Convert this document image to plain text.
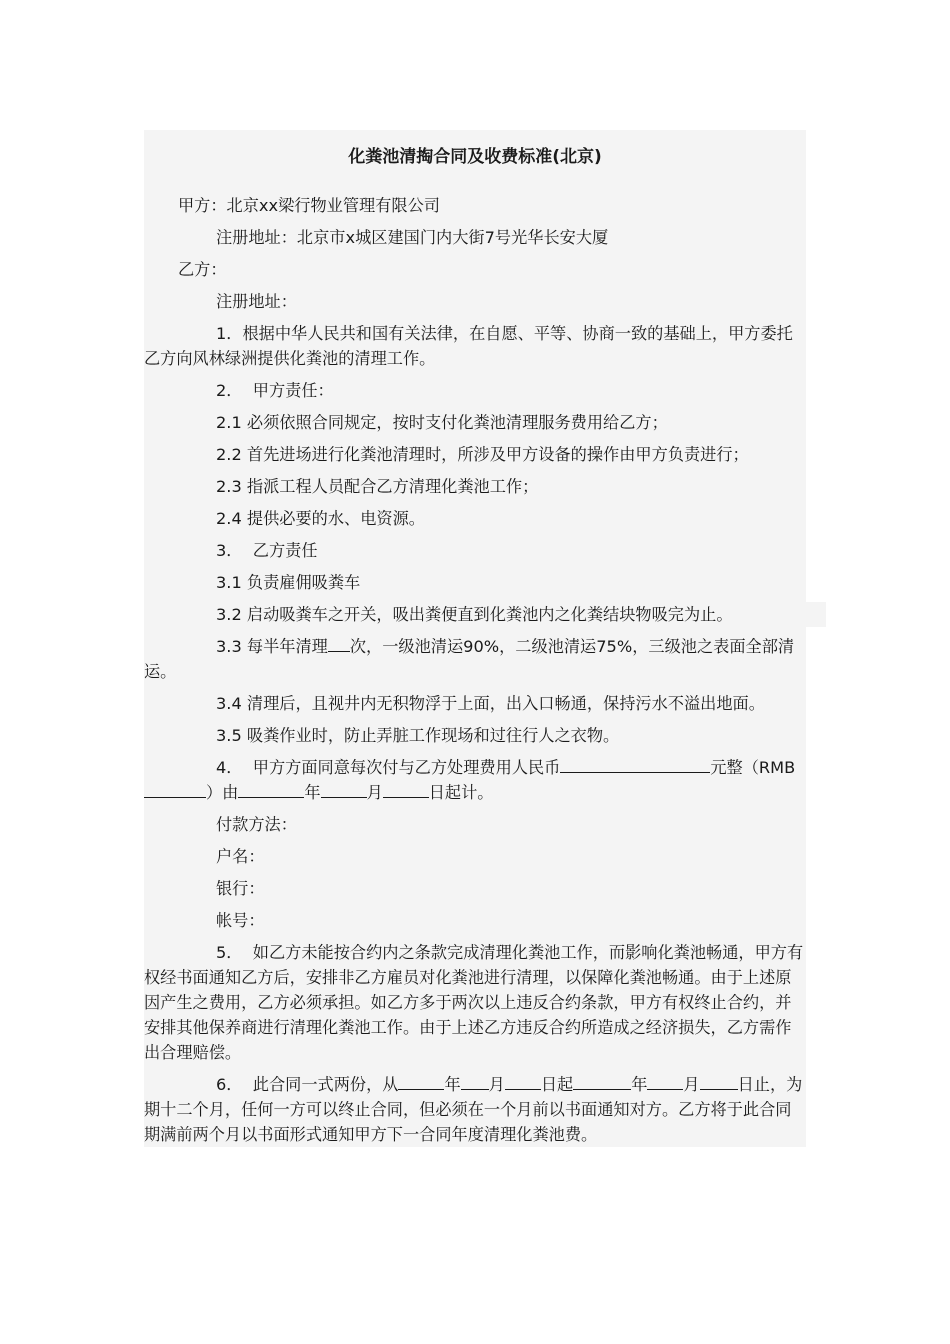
化粪池清掏合同及收费标准(北京)
甲方：北京xx梁行物业管理有限公司
注册地址：北京市x城区建国门内大街7号光华长安大厦
乙方：
注册地址：
1．根据中华人民共和国有关法律，在自愿、平等、协商一致的基础上，甲方委托乙方向风林绿洲提供化粪池的清理工作。
2．  甲方责任：
2.1 必须依照合同规定，按时支付化粪池清理服务费用给乙方；
2.2 首先进场进行化粪池清理时，所涉及甲方设备的操作由甲方负责进行；
2.3 指派工程人员配合乙方清理化粪池工作；
2.4 提供必要的水、电资源。
3．  乙方责任
3.1 负责雇佣吸粪车
3.2 启动吸粪车之开关，吸出粪便直到化粪池内之化粪结块物吸完为止。
3.3 每半年清理 次，一级池清运90%，二级池清运75%，三级池之表面全部清运。
3.4 清理后，且视井内无积物浮于上面，出入口畅通，保持污水不溢出地面。
3.5 吸粪作业时，防止弄脏工作现场和过往行人之衣物。
4．  甲方方面同意每次付与乙方处理费用人民币	元整（RMB）由	年	月	日起计。
付款方法：
户名：
银行：
帐号：
5．  如乙方未能按合约内之条款完成清理化粪池工作，而影响化粪池畅通，甲方有权经书面通知乙方后，安排非乙方雇员对化粪池进行清理，以保障化粪池畅通。由于上述原因产生之费用，乙方必须承担。如乙方多于两次以上违反合约条款，甲方有权终止合约，并安排其他保养商进行清理化粪池工作。由于上述乙方违反合约所造成之经济损失，乙方需作出合理赔偿。
6．  此合同一式两份，从	年 月 日起	年 月 日止，为期十二个月，任何一方可以终止合同，但必须在一个月前以书面通知对方。乙方将于此合同期满前两个月以书面形式通知甲方下一合同年度清理化粪池费。
